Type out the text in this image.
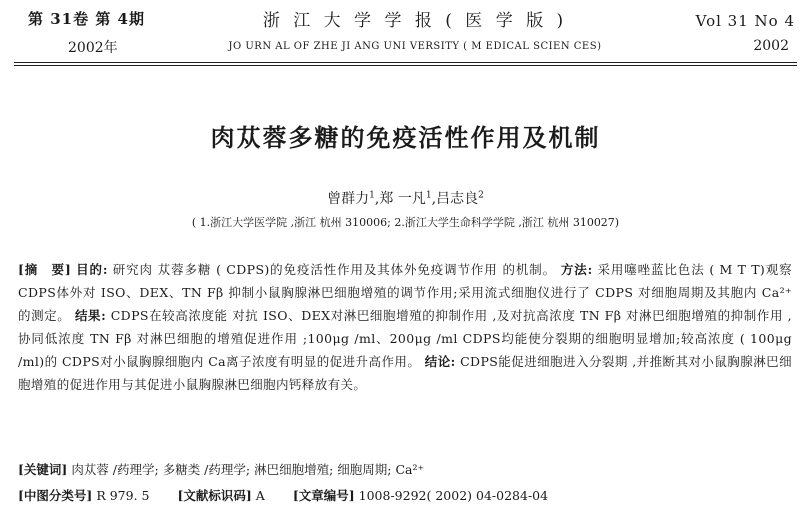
第 31卷 第 4期
2002年
浙 江 大 学 学 报 ( 医 学 版 )
JO URN AL OF ZHE JI ANG UNI VERSITY ( M EDICAL SCIEN CES)
Vol 31 No 4
2002
肉苁蓉多糖的免疫活性作用及机制
曾群力$^1$,郑 一凡$^1$,吕志良$^2$
( 1.浙江大学医学院 ,浙江 杭州 310006; 2.浙江大学生命科学学院 ,浙江 杭州 310027)
[摘　要] 目的: 研究肉 苁蓉多糖 ( CDPS)的免疫活性作用及其体外免疫调节作用 的机制。 方法: 采用噻唑蓝比色法 ( M T T)观察 CDPS体外对 ISO、DEX、TN Fβ 抑制小鼠胸腺淋巴细胞增殖的调节作用;采用流式细胞仪进行了 CDPS 对细胞周期及其胞内 Ca²⁺ 的测定。 结果: CDPS在较高浓度能 对抗 ISO、DEX对淋巴细胞增殖的抑制作用 ,及对抗高浓度 TN Fβ 对淋巴细胞增殖的抑制作用 ,协同低浓度 TN Fβ 对淋巴细胞的增殖促进作用 ;100μg /ml、200μg /ml CDPS均能使分裂期的细胞明显增加;较高浓度 ( 100μg /ml)的 CDPS对小鼠胸腺细胞内 Ca离子浓度有明显的促进升高作用。 结论: CDPS能促进细胞进入分裂期 ,并推断其对小鼠胸腺淋巴细胞增殖的促进作用与其促进小鼠胸腺淋巴细胞内钙释放有关。
[关键词] 肉苁蓉 /药理学; 多糖类 /药理学; 淋巴细胞增殖; 细胞周期; Ca²⁺
[中图分类号] R 979. 5 [文献标识码] A [文章编号] 1008-9292( 2002) 04-0284-04
